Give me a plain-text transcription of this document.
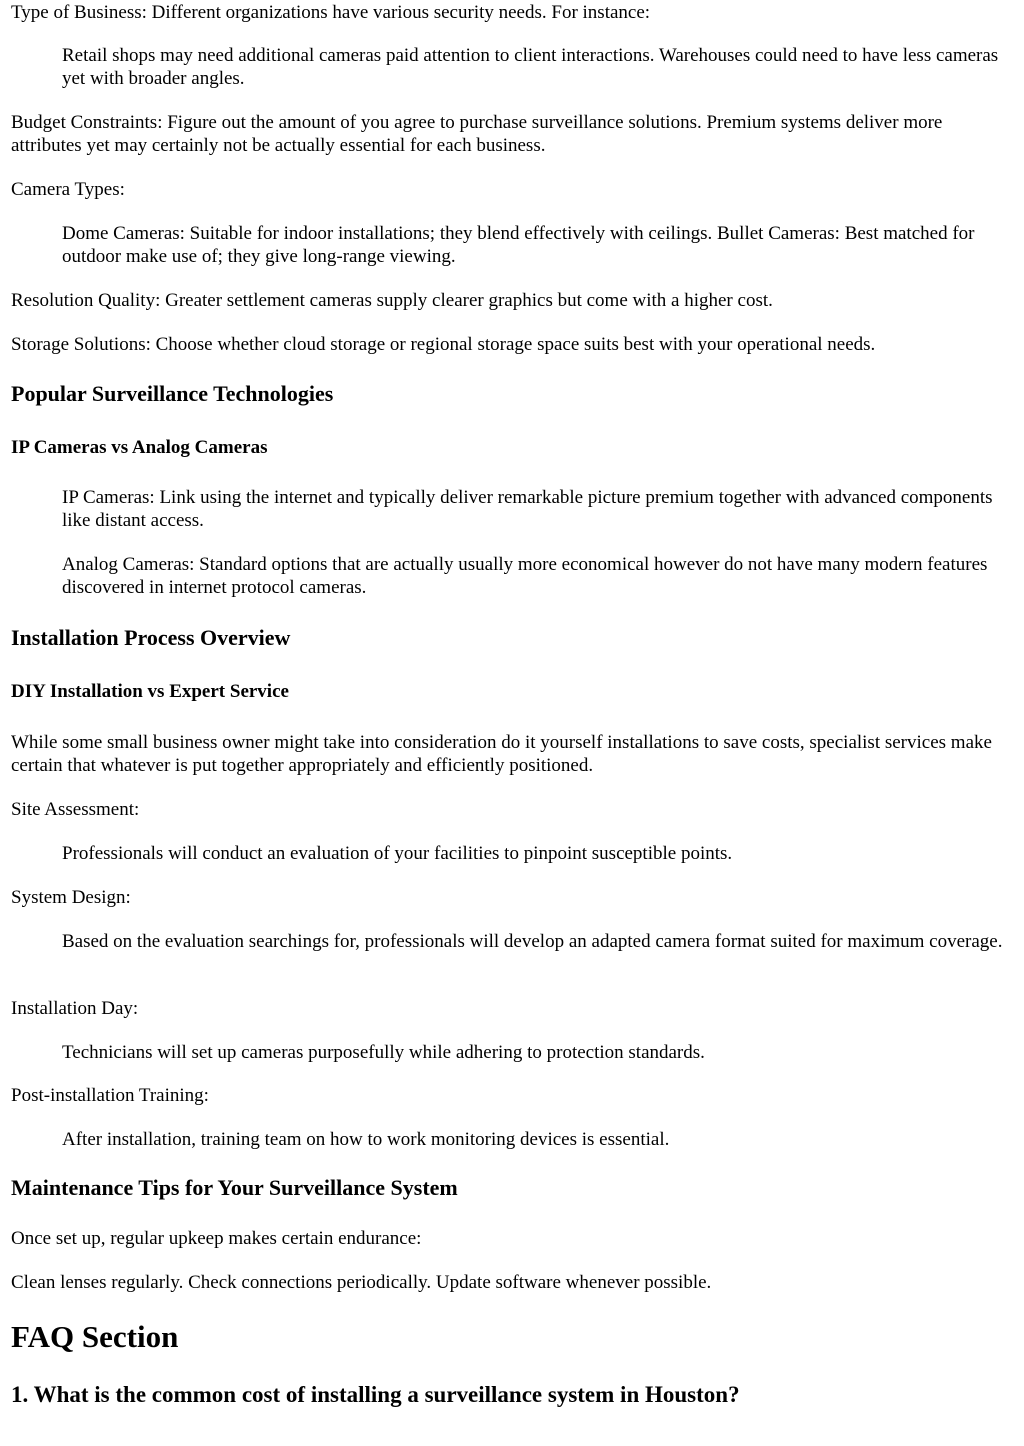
Type of Business: Different organizations have various security needs. For instance:

Retail shops may need additional cameras paid attention to client interactions. Warehouses could need to have less cameras yet with broader angles.

Budget Constraints: Figure out the amount of you agree to purchase surveillance solutions. Premium systems deliver more attributes yet may certainly not be actually essential for each business.

Camera Types:

Dome Cameras: Suitable for indoor installations; they blend effectively with ceilings. Bullet Cameras: Best matched for outdoor make use of; they give long-range viewing.

Resolution Quality: Greater settlement cameras supply clearer graphics but come with a higher cost.

Storage Solutions: Choose whether cloud storage or regional storage space suits best with your operational needs.

Popular Surveillance Technologies
IP Cameras vs Analog Cameras

IP Cameras: Link using the internet and typically deliver remarkable picture premium together with advanced components like distant access.

Analog Cameras: Standard options that are actually usually more economical however do not have many modern features discovered in internet protocol cameras.

Installation Process Overview
DIY Installation vs Expert Service

While some small business owner might take into consideration do it yourself installations to save costs, specialist services make certain that whatever is put together appropriately and efficiently positioned.

Site Assessment:

Professionals will conduct an evaluation of your facilities to pinpoint susceptible points.

System Design:

Based on the evaluation searchings for, professionals will develop an adapted camera format suited for maximum coverage.

Installation Day:

Technicians will set up cameras purposefully while adhering to protection standards.

Post-installation Training:

After installation, training team on how to work monitoring devices is essential.

Maintenance Tips for Your Surveillance System

Once set up, regular upkeep makes certain endurance:

Clean lenses regularly. Check connections periodically. Update software whenever possible.

FAQ Section
1. What is the common cost of installing a surveillance system in Houston?
